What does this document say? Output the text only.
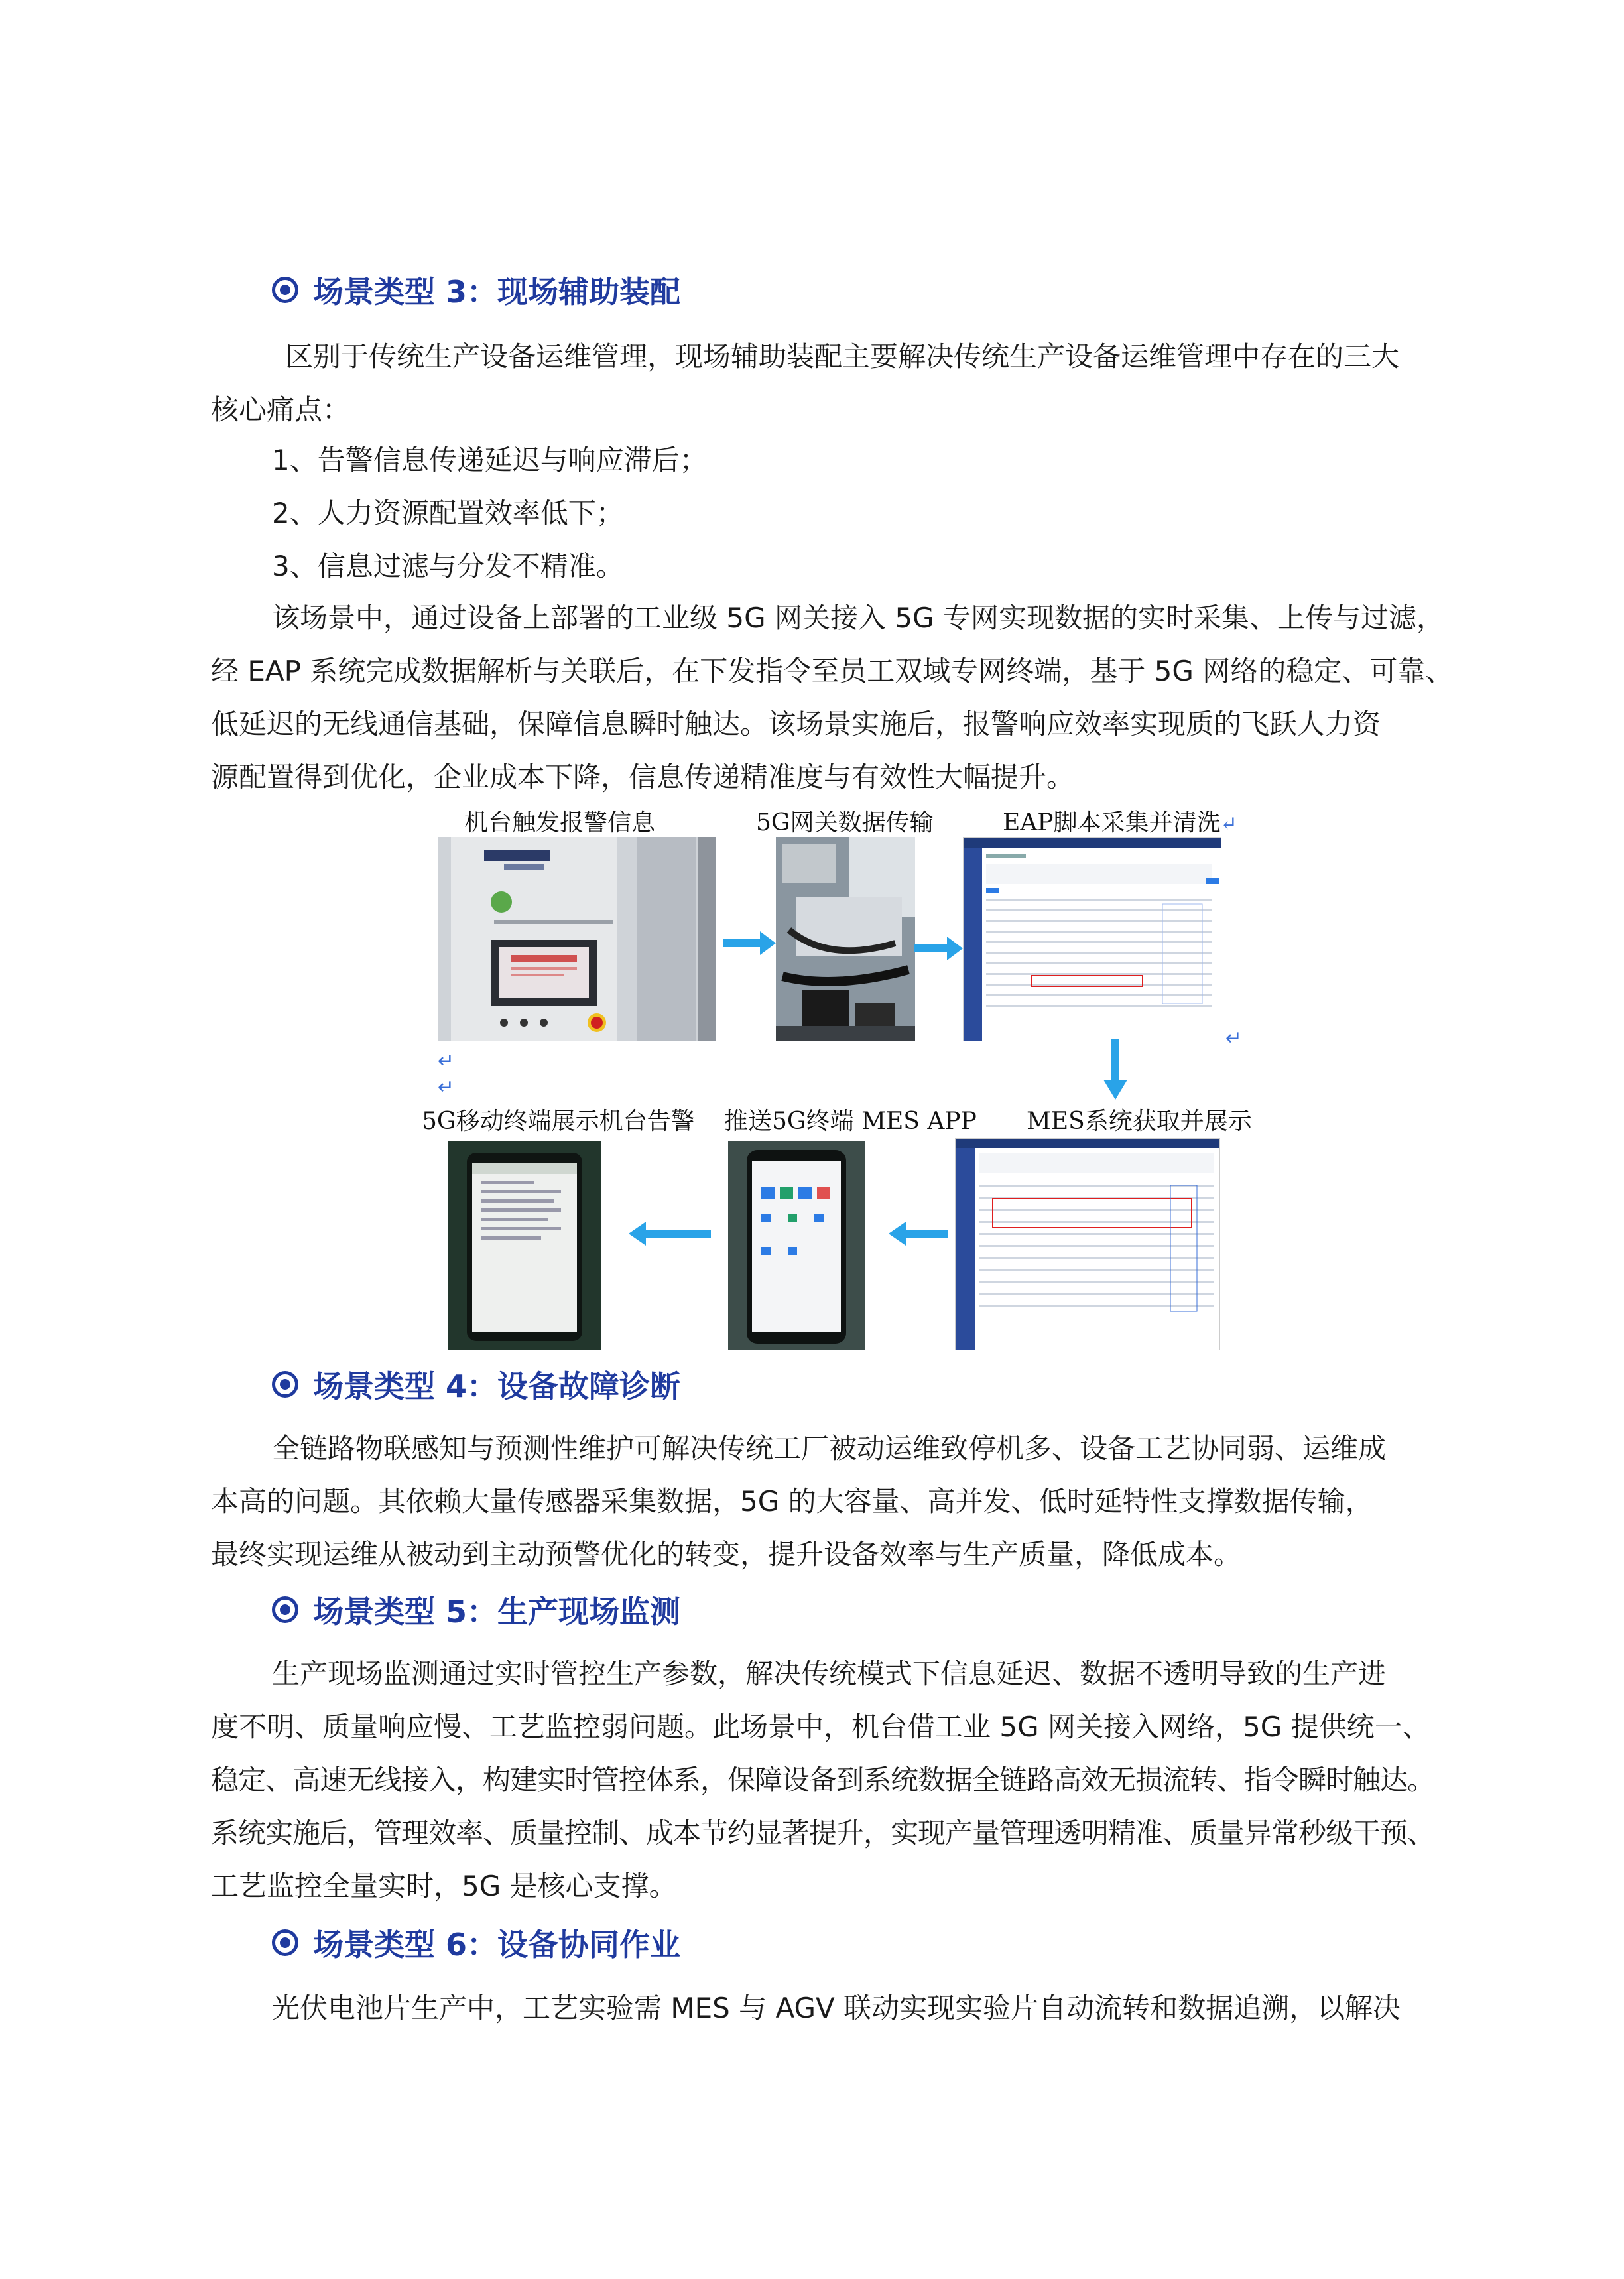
场景类型 3：现场辅助装配
区别于传统生产设备运维管理，现场辅助装配主要解决传统生产设备运维管理中存在的三大
核心痛点：
1、告警信息传递延迟与响应滞后；
2、人力资源配置效率低下；
3、信息过滤与分发不精准。
该场景中，通过设备上部署的工业级 5G 网关接入 5G 专网实现数据的实时采集、上传与过滤，
经 EAP 系统完成数据解析与关联后，在下发指令至员工双域专网终端，基于 5G 网络的稳定、可靠、
低延迟的无线通信基础，保障信息瞬时触达。该场景实施后，报警响应效率实现质的飞跃人力资
源配置得到优化，企业成本下降，信息传递精准度与有效性大幅提升。
机台触发报警信息	5G网关数据传输	EAP脚本采集并清洗↵
↵
↵
↵
5G移动终端展示机台告警 推送5G终端 MES APP MES系统获取并展示
场景类型 4：设备故障诊断
全链路物联感知与预测性维护可解决传统工厂被动运维致停机多、设备工艺协同弱、运维成
本高的问题。其依赖大量传感器采集数据，5G 的大容量、高并发、低时延特性支撑数据传输，
最终实现运维从被动到主动预警优化的转变，提升设备效率与生产质量，降低成本。
场景类型 5：生产现场监测
生产现场监测通过实时管控生产参数，解决传统模式下信息延迟、数据不透明导致的生产进
度不明、质量响应慢、工艺监控弱问题。此场景中，机台借工业 5G 网关接入网络，5G 提供统一、
稳定、高速无线接入，构建实时管控体系，保障设备到系统数据全链路高效无损流转、指令瞬时触达。
系统实施后，管理效率、质量控制、成本节约显著提升，实现产量管理透明精准、质量异常秒级干预、
工艺监控全量实时，5G 是核心支撑。
场景类型 6：设备协同作业
光伏电池片生产中，工艺实验需 MES 与 AGV 联动实现实验片自动流转和数据追溯，以解决
